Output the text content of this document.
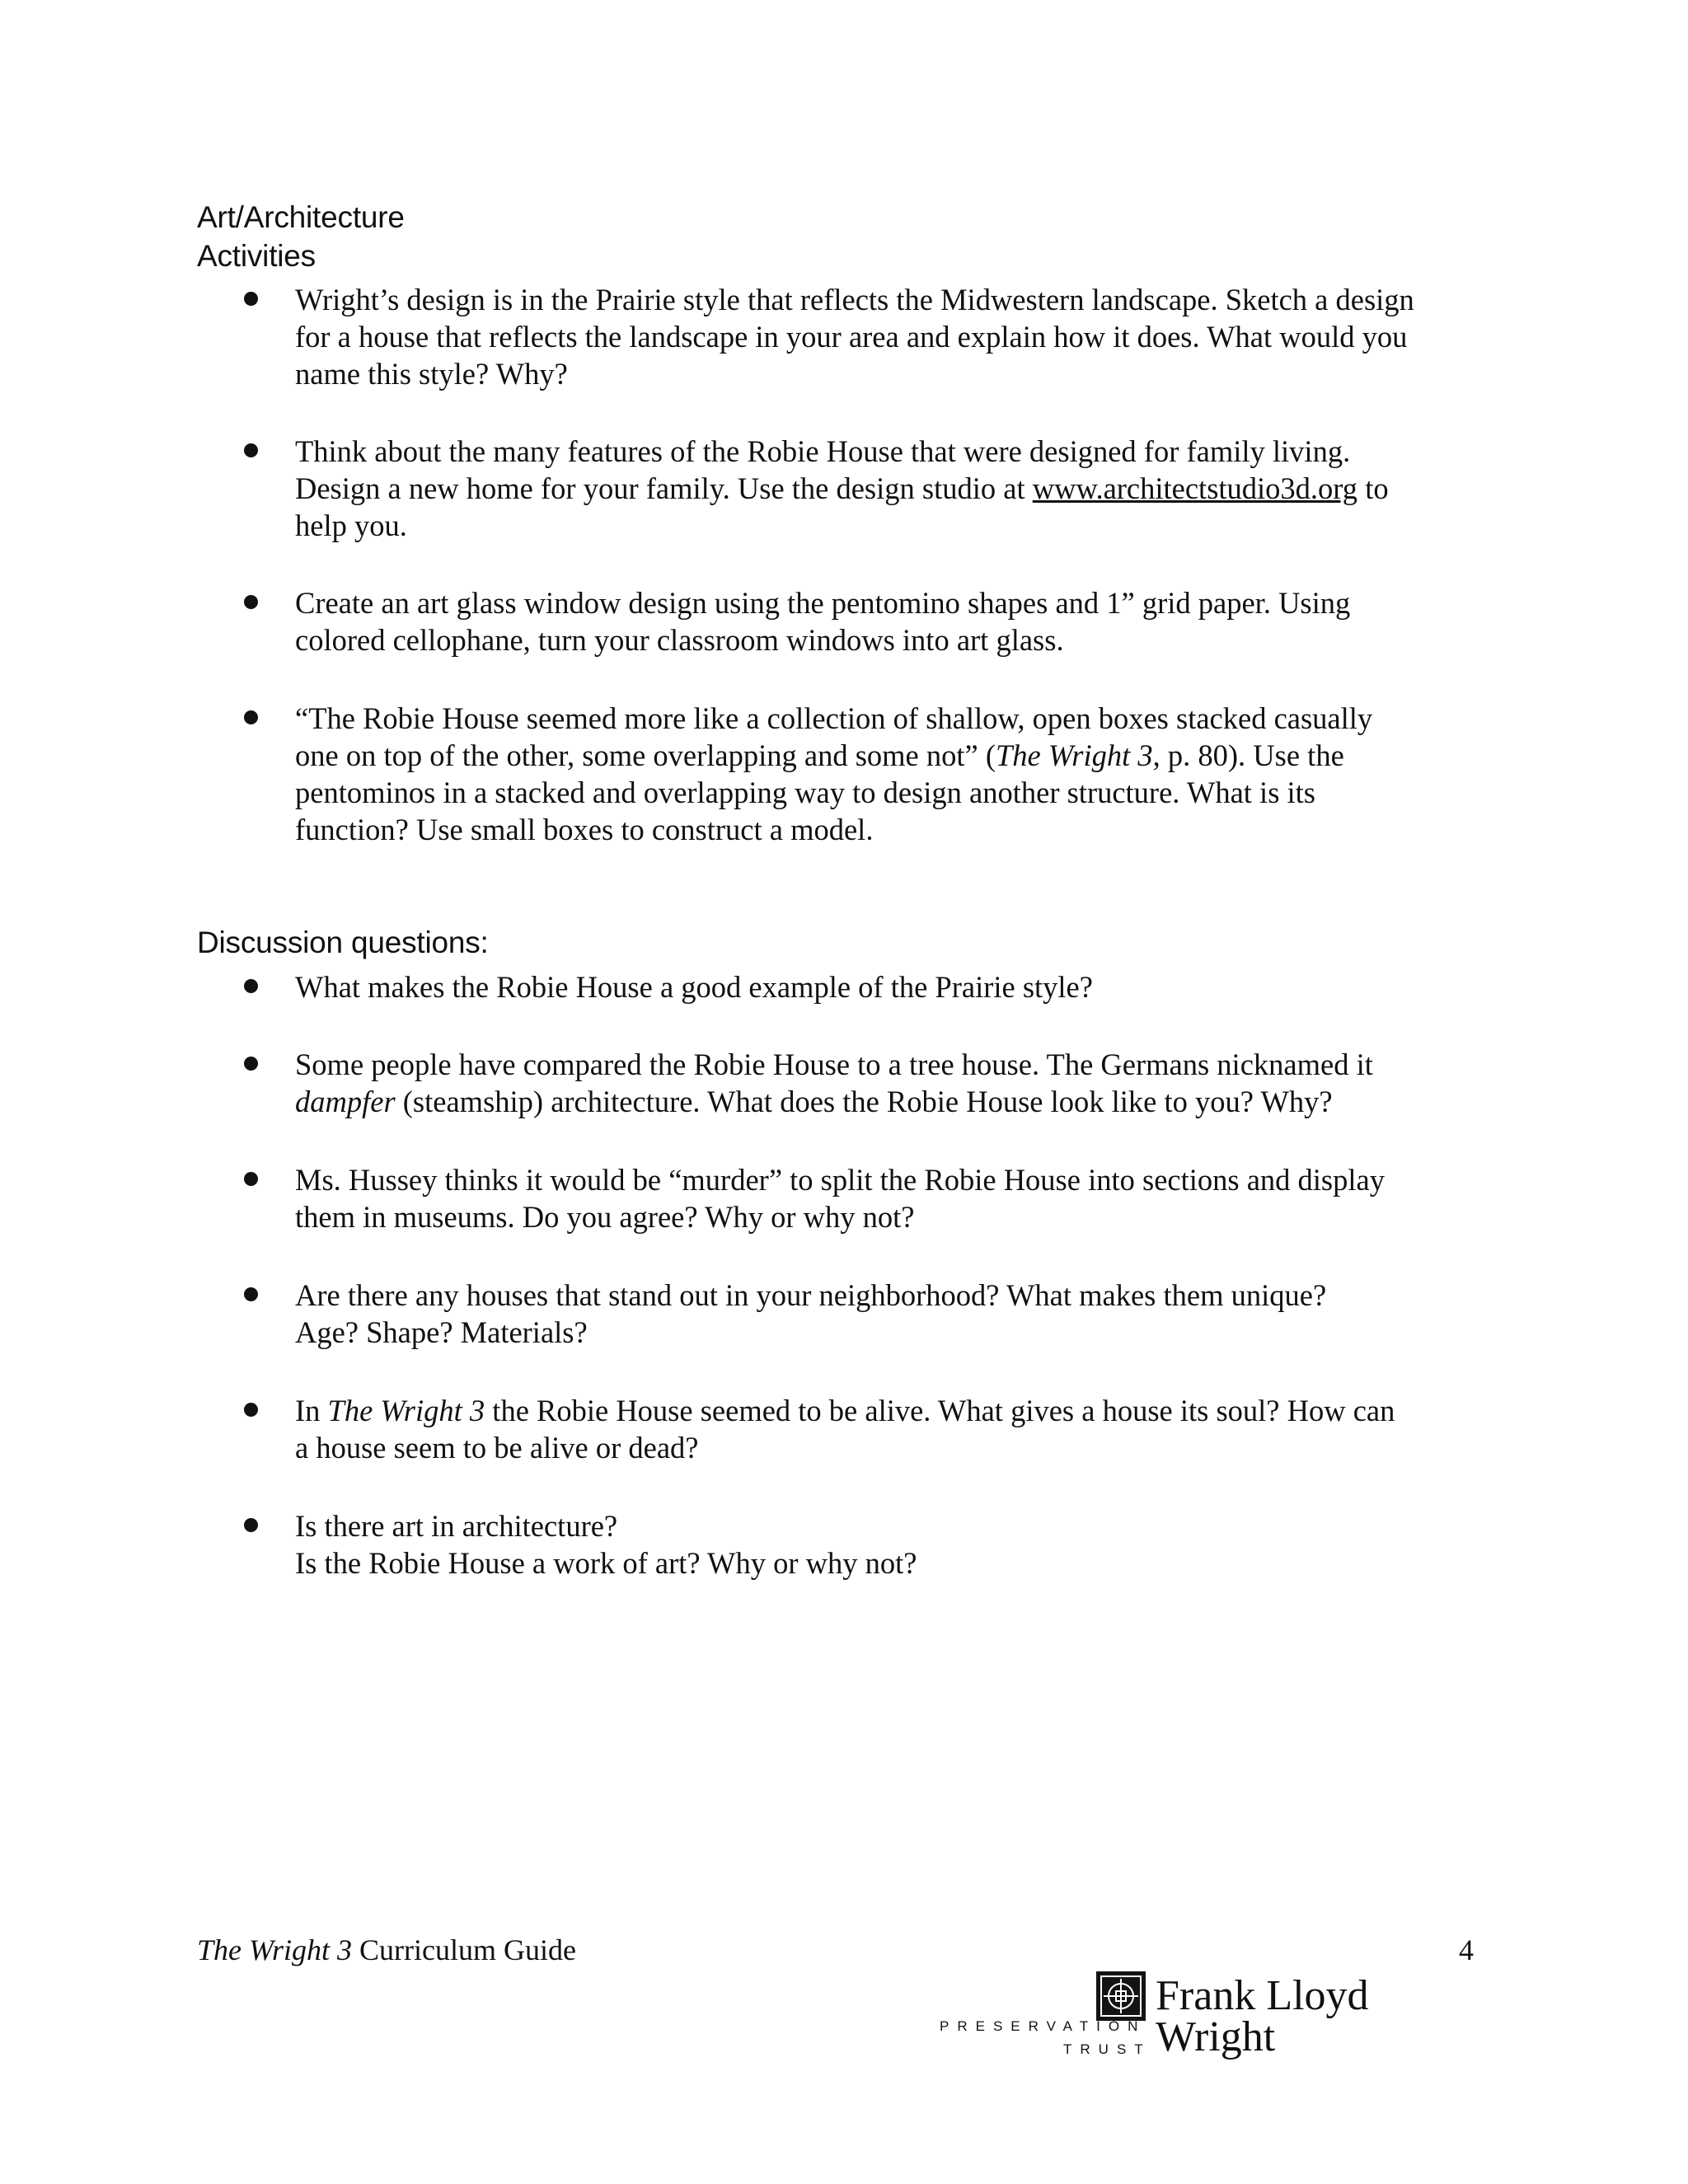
Art/Architecture
Activities
Wright’s design is in the Prairie style that reflects the Midwestern landscape. Sketch a design
for a house that reflects the landscape in your area and explain how it does. What would you
name this style? Why?
Think about the many features of the Robie House that were designed for family living.
Design a new home for your family. Use the design studio at www.architectstudio3d.org to
help you.
Create an art glass window design using the pentomino shapes and 1” grid paper. Using
colored cellophane, turn your classroom windows into art glass.
“The Robie House seemed more like a collection of shallow, open boxes stacked casually
one on top of the other, some overlapping and some not” (The Wright 3, p. 80). Use the
pentominos in a stacked and overlapping way to design another structure. What is its
function? Use small boxes to construct a model.
Discussion questions:
What makes the Robie House a good example of the Prairie style?
Some people have compared the Robie House to a tree house. The Germans nicknamed it
dampfer (steamship) architecture. What does the Robie House look like to you? Why?
Ms. Hussey thinks it would be “murder” to split the Robie House into sections and display
them in museums. Do you agree? Why or why not?
Are there any houses that stand out in your neighborhood? What makes them unique?
Age? Shape? Materials?
In The Wright 3 the Robie House seemed to be alive. What gives a house its soul? How can
a house seem to be alive or dead?
Is there art in architecture?
Is the Robie House a work of art? Why or why not?
The Wright 3 Curriculum Guide	4
Frank Lloyd
Wright
PRESERVATION
TRUST
